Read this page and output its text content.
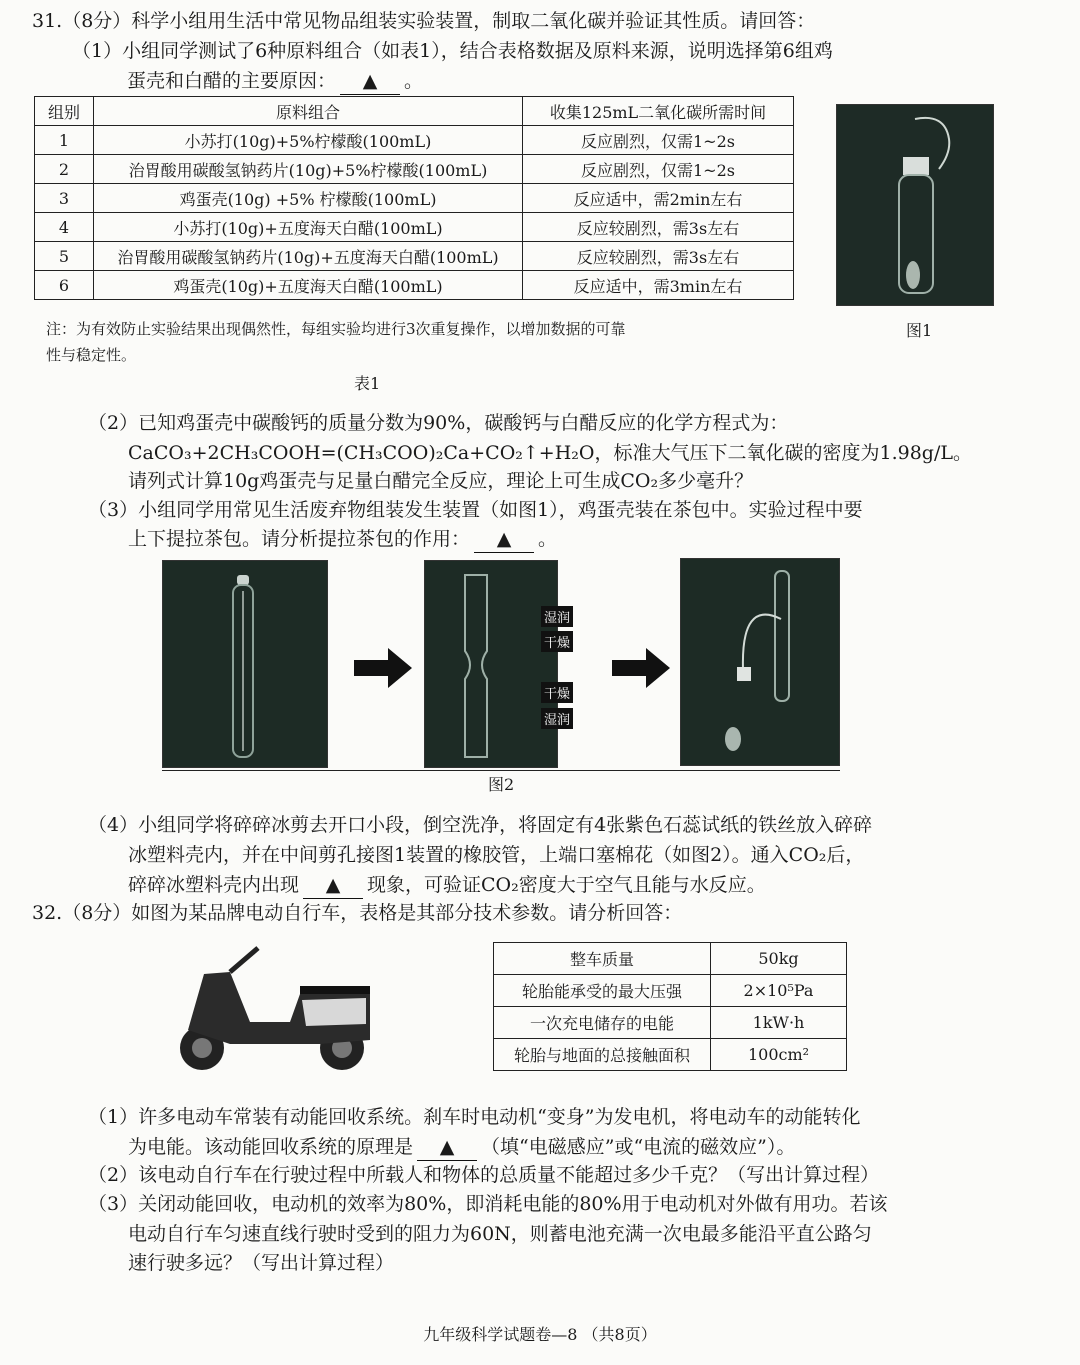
31.（8分）科学小组用生活中常见物品组装实验装置，制取二氧化碳并验证其性质。请回答：
（1）小组同学测试了6种原料组合（如表1），结合表格数据及原料来源，说明选择第6组鸡
蛋壳和白醋的主要原因： ▲ 。
组别	原料组合	收集125mL二氧化碳所需时间
1	小苏打(10g)+5%柠檬酸(100mL)	反应剧烈，仅需1~2s
2	治胃酸用碳酸氢钠药片(10g)+5%柠檬酸(100mL)	反应剧烈，仅需1~2s
3	鸡蛋壳(10g) +5% 柠檬酸(100mL)	反应适中，需2min左右
4	小苏打(10g)+五度海天白醋(100mL)	反应较剧烈，需3s左右
5	治胃酸用碳酸氢钠药片(10g)+五度海天白醋(100mL)	反应较剧烈，需3s左右
6	鸡蛋壳(10g)+五度海天白醋(100mL)	反应适中，需3min左右
图1
注：为有效防止实验结果出现偶然性，每组实验均进行3次重复操作，以增加数据的可靠
性与稳定性。
表1
（2）已知鸡蛋壳中碳酸钙的质量分数为90%，碳酸钙与白醋反应的化学方程式为：
CaCO₃+2CH₃COOH=(CH₃COO)₂Ca+CO₂↑+H₂O，标准大气压下二氧化碳的密度为1.98g/L。
请列式计算10g鸡蛋壳与足量白醋完全反应，理论上可生成CO₂多少毫升？
（3）小组同学用常见生活废弃物组装发生装置（如图1），鸡蛋壳装在茶包中。实验过程中要
上下提拉茶包。请分析提拉茶包的作用： ▲ 。
湿润
干燥
干燥
湿润
图2
（4）小组同学将碎碎冰剪去开口小段，倒空洗净，将固定有4张紫色石蕊试纸的铁丝放入碎碎
冰塑料壳内，并在中间剪孔接图1装置的橡胶管，上端口塞棉花（如图2）。通入CO₂后，
碎碎冰塑料壳内出现 ▲ 现象，可验证CO₂密度大于空气且能与水反应。
32.（8分）如图为某品牌电动自行车，表格是其部分技术参数。请分析回答：
整车质量	50kg
轮胎能承受的最大压强	2×10⁵Pa
一次充电储存的电能	1kW·h
轮胎与地面的总接触面积	100cm²
（1）许多电动车常装有动能回收系统。刹车时电动机“变身”为发电机，将电动车的动能转化
为电能。该动能回收系统的原理是 ▲ （填“电磁感应”或“电流的磁效应”）。
（2）该电动自行车在行驶过程中所载人和物体的总质量不能超过多少千克？（写出计算过程）
（3）关闭动能回收，电动机的效率为80%，即消耗电能的80%用于电动机对外做有用功。若该
电动自行车匀速直线行驶时受到的阻力为60N，则蓄电池充满一次电最多能沿平直公路匀
速行驶多远？（写出计算过程）
九年级科学试题卷—8 （共8页）
